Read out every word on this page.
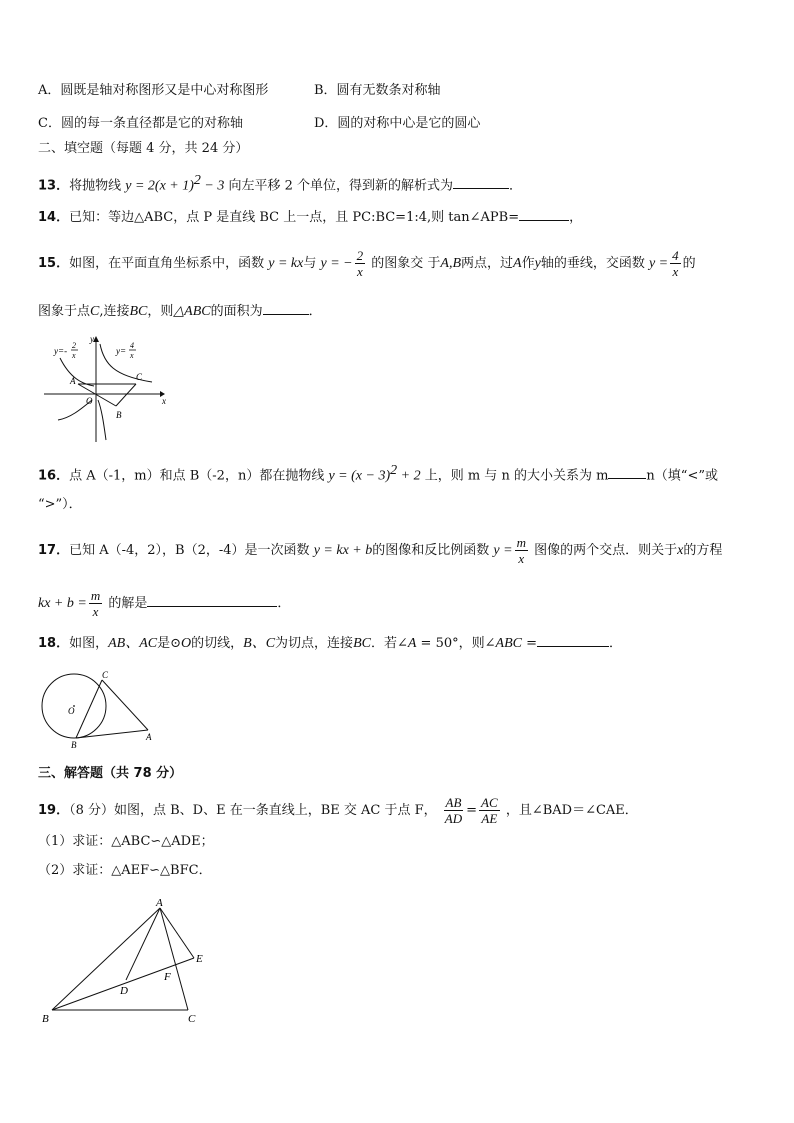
A．圆既是轴对称图形又是中心对称图形	B．圆有无数条对称轴
C．圆的每一条直径都是它的对称轴	D．圆的对称中心是它的圆心
二、填空题（每题 4 分，共 24 分）
13．将抛物线 $y = 2(x + 1)^2 - 3$ 向左平移 2 个单位，得到新的解析式为	．
14．已知：等边△ABC，点 P 是直线 BC 上一点，且 PC:BC=1:4,则 tan∠APB=	，
15．如图，在平面直角坐标系中，函数 y = kx与 y = − $\frac{2}{x}$ 的图象交 于A,B两点，过A作y轴的垂线，交函数 $y = \frac{4}{x}$ 的
图象于点C,连接BC，则△ABC的面积为	．
x
y
O
A	C
B
y=-
2
x	y=
4
x
16．点 A（-1，m）和点 B（-2，n）都在抛物线 $y = (x - 3)^2 + 2$ 上，则 m 与 n 的大小关系为 m	n（填“<”或
“>”）．
17．已知 A（-4，2），B（2，-4）是一次函数 y = kx + b的图像和反比例函数 $y = \frac{m}{x}$ 图像的两个交点．则关于x的方程
kx + $b = \frac{m}{x}$ 的解是	．
18．如图，AB、AC是⊙O的切线，B、C为切点，连接BC．若∠A = 50°，则∠ABC =	．
C
O
B
A
三、解答题（共 78 分）
19．（8 分）如图，点 B、D、E 在一条直线上，BE 交 AC 于点 F， $\frac{AB}{AD} = \frac{AC}{AE}$ ，且∠BAD＝∠CAE．
（1）求证：△ABC∽△ADE；
（2）求证：△AEF∽△BFC．
A
E
F
D
B	C
